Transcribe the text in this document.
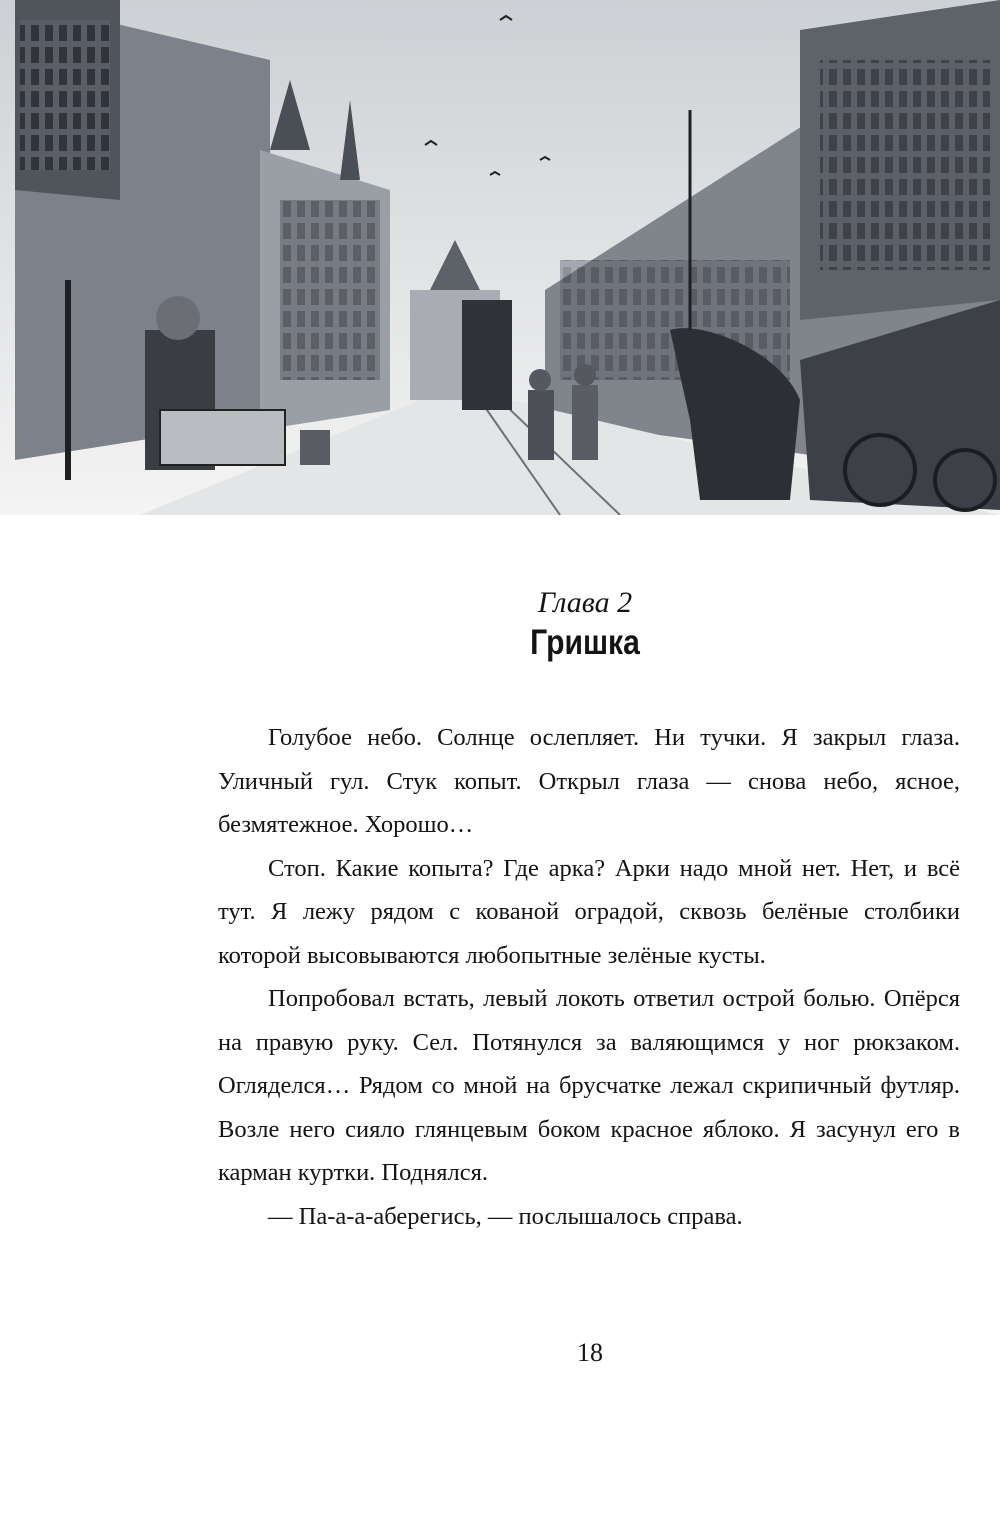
Глава 2
Гришка

Голубое небо. Солнце ослепляет. Ни тучки. Я закрыл глаза. Уличный гул. Стук копыт. Открыл глаза — снова небо, ясное, безмятежное. Хорошо…

Стоп. Какие копыта? Где арка? Арки надо мной нет. Нет, и всё тут. Я лежу рядом с кованой оградой, сквозь белёные столбики которой высовываются любопытные зелёные кусты.

Попробовал встать, левый локоть ответил острой болью. Опёрся на правую руку. Сел. Потянулся за валяющимся у ног рюкзаком. Огляделся… Рядом со мной на брусчатке лежал скрипичный футляр. Возле него сияло глянцевым боком красное яблоко. Я засунул его в карман куртки. Поднялся.

— Па-а-а-аберегись, — послышалось справа.

18
